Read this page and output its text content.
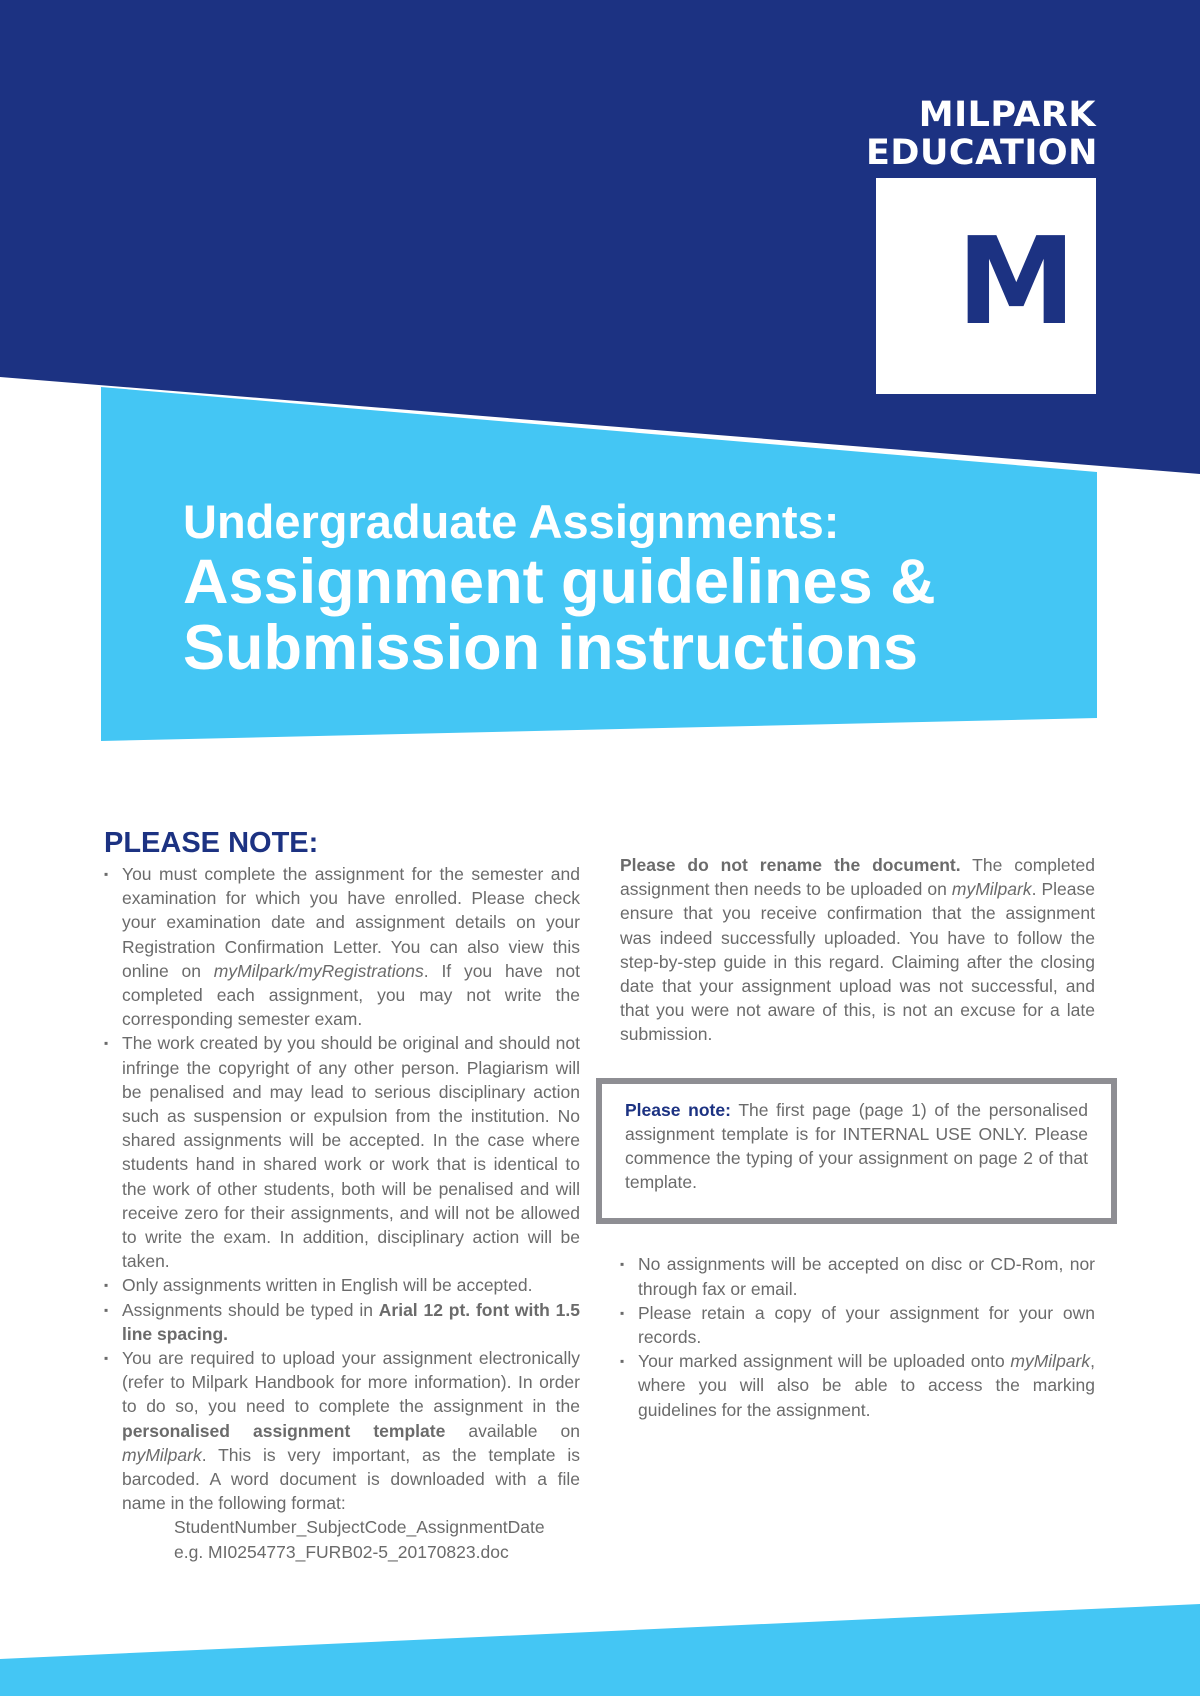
MILPARK
EDUCATION
M
Undergraduate Assignments:
Assignment guidelines &
Submission instructions
PLEASE NOTE:
▪ You must complete the assignment for the semester and examination for which you have enrolled. Please check your examination date and assignment details on your Registration Confirmation Letter. You can also view this online on myMilpark/myRegistrations. If you have not completed each assignment, you may not write the corresponding semester exam.
▪ The work created by you should be original and should not infringe the copyright of any other person. Plagiarism will be penalised and may lead to serious disciplinary action such as suspension or expulsion from the institution. No shared assignments will be accepted. In the case where students hand in shared work or work that is identical to the work of other students, both will be penalised and will receive zero for their assignments, and will not be allowed to write the exam. In addition, disciplinary action will be taken.
▪ Only assignments written in English will be accepted.
▪ Assignments should be typed in Arial 12 pt. font with 1.5 line spacing.
▪ You are required to upload your assignment electronically (refer to Milpark Handbook for more information). In order to do so, you need to complete the assignment in the personalised assignment template available on myMilpark. This is very important, as the template is barcoded. A word document is downloaded with a file name in the following format:
StudentNumber_SubjectCode_AssignmentDate
e.g. MI0254773_FURB02-5_20170823.doc
Please do not rename the document. The completed assignment then needs to be uploaded on myMilpark. Please ensure that you receive confirmation that the assignment was indeed successfully uploaded. You have to follow the step-by-step guide in this regard. Claiming after the closing date that your assignment upload was not successful, and that you were not aware of this, is not an excuse for a late submission.
Please note: The first page (page 1) of the personalised assignment template is for INTERNAL USE ONLY. Please commence the typing of your assignment on page 2 of that template.
▪ No assignments will be accepted on disc or CD-Rom, nor through fax or email.
▪ Please retain a copy of your assignment for your own records.
▪ Your marked assignment will be uploaded onto myMilpark, where you will also be able to access the marking guidelines for the assignment.
